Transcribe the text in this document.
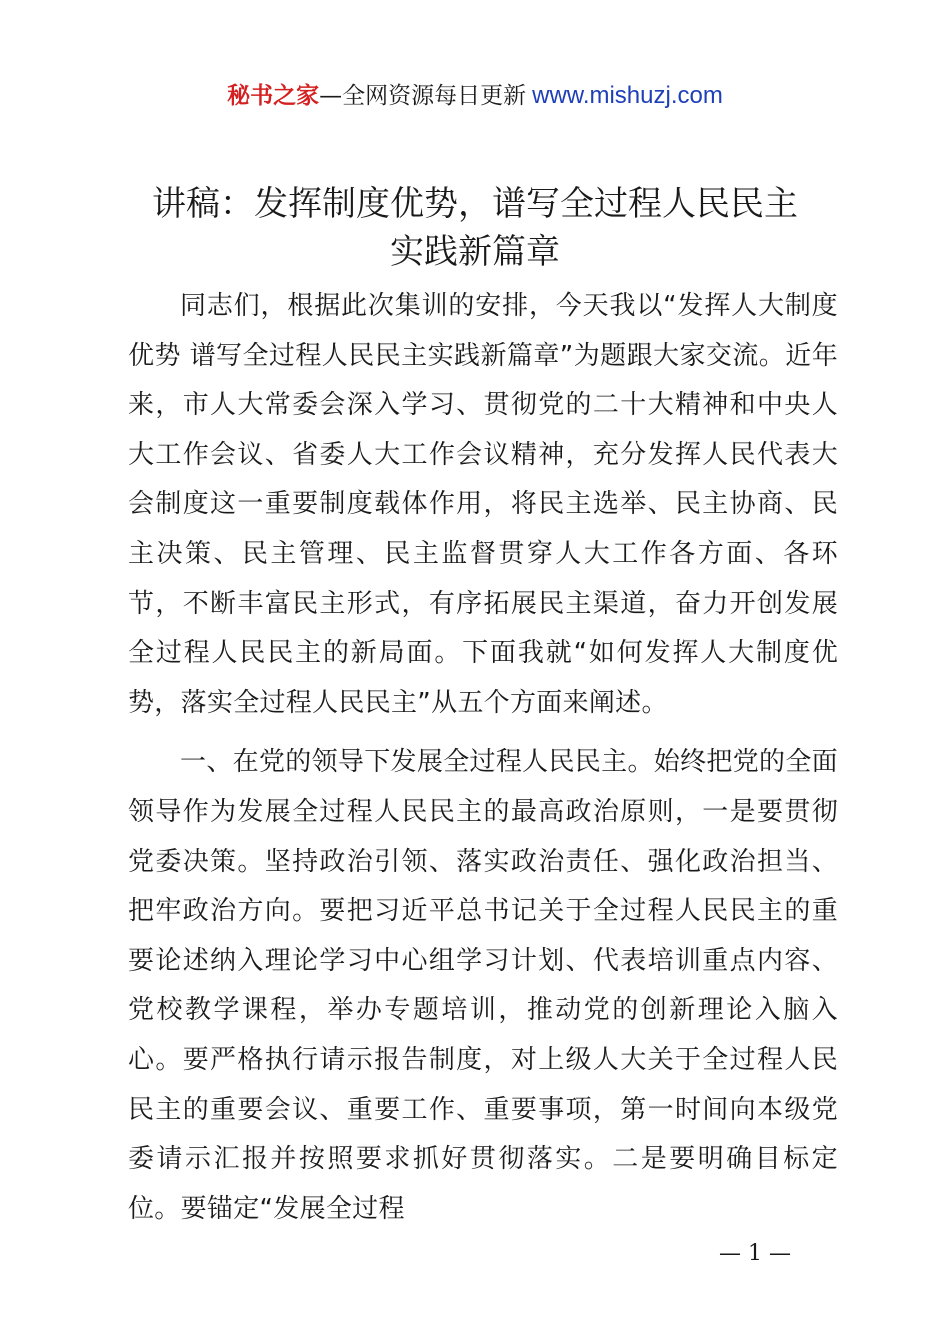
秘书之家—全网资源每日更新 www.mishuzj.com
讲稿：发挥制度优势，谱写全过程人民民主
实践新篇章

同志们，根据此次集训的安排，今天我以“发挥人大制度优势 谱写全过程人民民主实践新篇章”为题跟大家交流。近年来，市人大常委会深入学习、贯彻党的二十大精神和中央人大工作会议、省委人大工作会议精神，充分发挥人民代表大会制度这一重要制度载体作用，将民主选举、民主协商、民主决策、民主管理、民主监督贯穿人大工作各方面、各环节，不断丰富民主形式，有序拓展民主渠道，奋力开创发展全过程人民民主的新局面。下面我就“如何发挥人大制度优势，落实全过程人民民主”从五个方面来阐述。

一、在党的领导下发展全过程人民民主。始终把党的全面领导作为发展全过程人民民主的最高政治原则，一是要贯彻党委决策。坚持政治引领、落实政治责任、强化政治担当、把牢政治方向。要把习近平总书记关于全过程人民民主的重要论述纳入理论学习中心组学习计划、代表培训重点内容、党校教学课程，举办专题培训，推动党的创新理论入脑入心。要严格执行请示报告制度，对上级人大关于全过程人民民主的重要会议、重要工作、重要事项，第一时间向本级党委请示汇报并按照要求抓好贯彻落实。二是要明确目标定位。要锚定“发展全过程

— 1 —
